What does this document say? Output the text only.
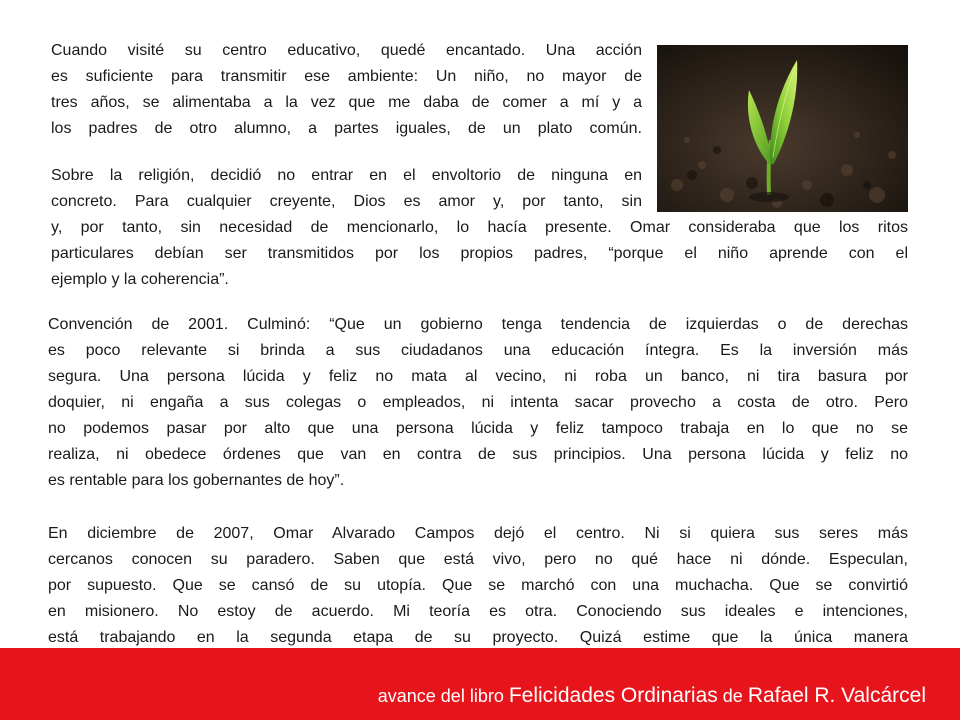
Cuando visité su centro educativo, quedé encantado. Una acción
es suficiente para transmitir ese ambiente: Un niño, no mayor de
tres años, se alimentaba a la vez que me daba de comer a mí y a
los padres de otro alumno, a partes iguales, de un plato común.
Sobre la religión, decidió no entrar en el envoltorio de ninguna en
concreto. Para cualquier creyente, Dios es amor y, por tanto, sin
y, por tanto, sin necesidad de mencionarlo, lo hacía presente. Omar consideraba que los ritos
particulares debían ser transmitidos por los propios padres, “porque el niño aprende con el
ejemplo y la coherencia”.
Convención de 2001. Culminó: “Que un gobierno tenga tendencia de izquierdas o de derechas
es poco relevante si brinda a sus ciudadanos una educación íntegra. Es la inversión más
segura. Una persona lúcida y feliz no mata al vecino, ni roba un banco, ni tira basura por
doquier, ni engaña a sus colegas o empleados, ni intenta sacar provecho a costa de otro. Pero
no podemos pasar por alto que una persona lúcida y feliz tampoco trabaja en lo que no se
realiza, ni obedece órdenes que van en contra de sus principios. Una persona lúcida y feliz no
es rentable para los gobernantes de hoy”.
En diciembre de 2007, Omar Alvarado Campos dejó el centro. Ni si quiera sus seres más
cercanos conocen su paradero. Saben que está vivo, pero no qué hace ni dónde. Especulan,
por supuesto. Que se cansó de su utopía. Que se marchó con una muchacha. Que se convirtió
en misionero. No estoy de acuerdo. Mi teoría es otra. Conociendo sus ideales e intenciones,
está trabajando en la segunda etapa de su proyecto. Quizá estime que la única manera
avance del libro Felicidades Ordinarias de Rafael R. Valcárcel
